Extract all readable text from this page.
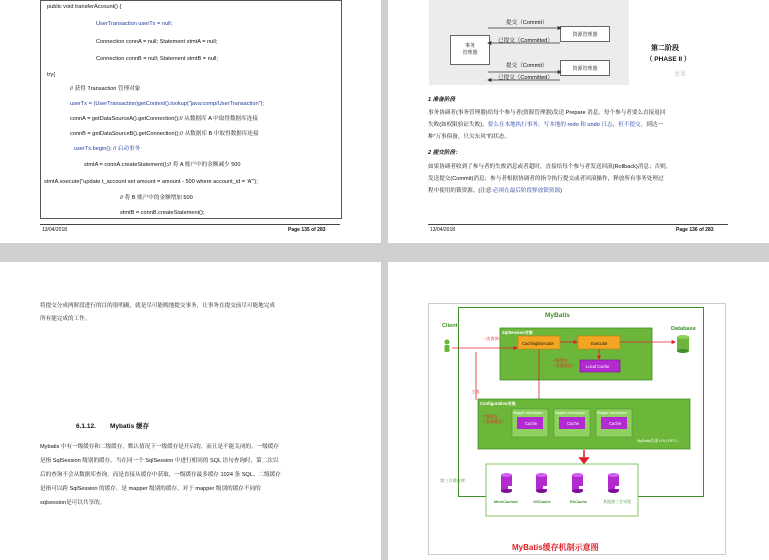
public void transferAccount() {
UserTransaction userTx = null;
Connection connA = null; Statement stmtA = null;
Connection connB = null; Statement stmtB = null;
try{
// 获得 Transaction 管理对象
userTx = (UserTransaction)getContext().lookup("java:comp/UserTransaction");
connA = getDataSourceA().getConnection();// 从数据库 A 中取得数据库连接
connB = getDataSourceB().getConnection();// 从数据库 B 中取得数据库连接
userTx.begin(); // 启动事务
stmtA = connA.createStatement();// 将 A 账户中的金额减少 500
stmtA.execute("update t_account set amount = amount - 500 where account_id = 'A'");
// 将 B 账户中的金额增加 500
stmtB = connB.createStatement();
13/04/2018	Page 135 of 283
事务
管理器
资源管理器
资源管理器
提交（Commit）
已提交（Committed）
提交（Commit）
已提交（Committed）
第二阶段
（ PHASE II ）
龙果
1 准备阶段
事务协调者(事务管理器)给每个参与者(资源管理器)发送 Prepare 消息，每个参与者要么直接返回
失败(如权限验证失败)，要么在本地执行事务，写本地的 redo 和 undo 日志，但不提交，到达一
种“万事俱备，只欠东风”的状态。
2 提交阶段：
如果协调者收到了参与者的失败消息或者超时，直接给每个参与者发送回滚(Rollback)消息；否则,
发送提交(Commit)消息；参与者根据协调者的指令执行提交或者回滚操作，释放所有事务处理过
程中使用的锁资源。(注意:必须在最后阶段释放锁资源)
13/04/2018	Page 136 of 283
将提交分成两阶段进行的目的很明确，就是尽可能晚地提交事务，让事务在提交前尽可能地完成
所有能完成的工作。
6.1.12. Mybatis 缓存
Mybatis 中有一级缓存和二级缓存，默认情况下一级缓存是开启的，而且是不能关闭的。一级缓存
是指 SqlSession 级别的缓存，当在同一个 SqlSession 中进行相同的 SQL 语句查询时，第二次以
后的查询不会从数据库查询，而是直接从缓存中获取，一级缓存最多缓存 1024 条 SQL。二级缓存
是指可以跨 SqlSession 的缓存。是 mapper 级别的缓存，对于 mapper 级别的缓存不同的
sqlsession是可以共享的。
MyBatis
Client	Database
一次查询
SqlSession对象
CachingExecutor	Executor
Local Cache
一级缓存
（本地缓存）
主线
Configuration对象
二级缓存
（全局缓存）
Mapper namespace	Mapper namespace	Mapper namespace
Cache	Cache	Cache
MyBatis实现 LRU,FIFO...
第三方缓存库
MemCached	OSCache	EhCache	其他第三方实现
MyBatis缓存机制示意图
